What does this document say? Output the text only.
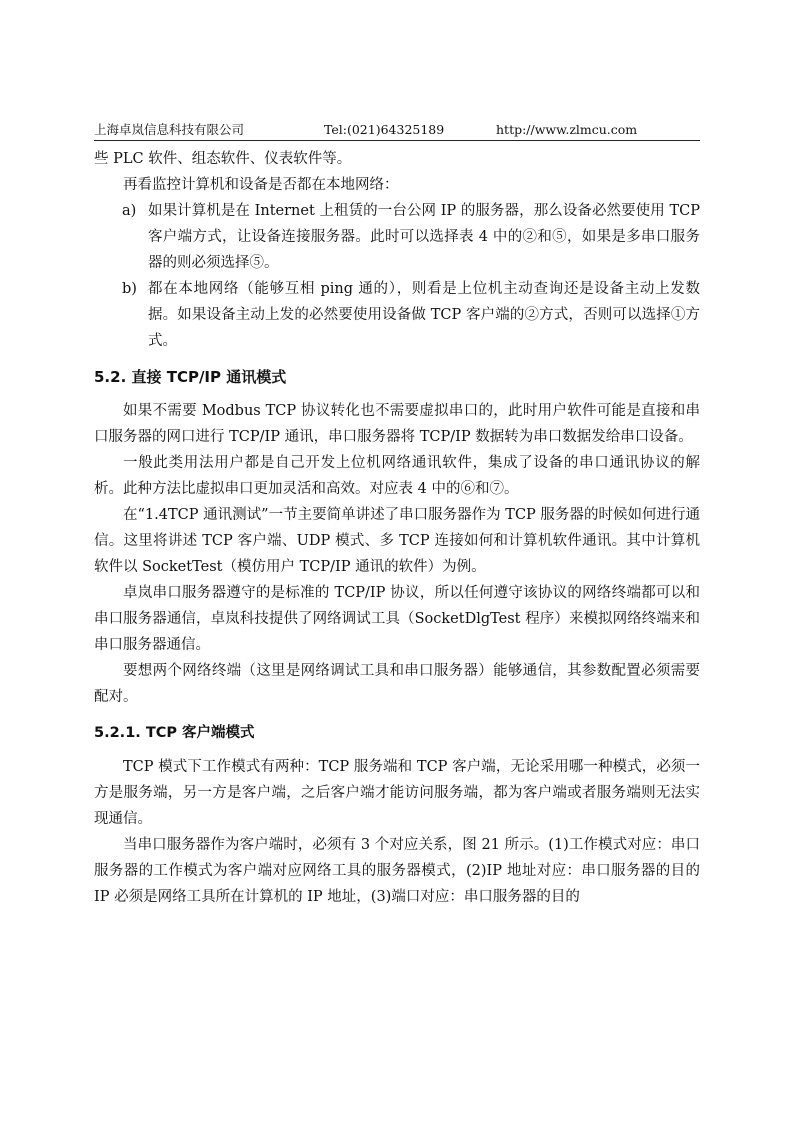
上海卓岚信息科技有限公司	Tel:(021)64325189	http://www.zlmcu.com

些 PLC 软件、组态软件、仪表软件等。

再看监控计算机和设备是否都在本地网络：

a) 如果计算机是在 Internet 上租赁的一台公网 IP 的服务器，那么设备必然要使用 TCP 客户端方式，让设备连接服务器。此时可以选择表 4 中的②和⑤，如果是多串口服务器的则必须选择⑤。
b) 都在本地网络（能够互相 ping 通的），则看是上位机主动查询还是设备主动上发数据。如果设备主动上发的必然要使用设备做 TCP 客户端的②方式，否则可以选择①方式。
5.2. 直接 TCP/IP 通讯模式

如果不需要 Modbus TCP 协议转化也不需要虚拟串口的，此时用户软件可能是直接和串口服务器的网口进行 TCP/IP 通讯，串口服务器将 TCP/IP 数据转为串口数据发给串口设备。

一般此类用法用户都是自己开发上位机网络通讯软件，集成了设备的串口通讯协议的解析。此种方法比虚拟串口更加灵活和高效。对应表 4 中的⑥和⑦。

在“1.4TCP 通讯测试”一节主要简单讲述了串口服务器作为 TCP 服务器的时候如何进行通信。这里将讲述 TCP 客户端、UDP 模式、多 TCP 连接如何和计算机软件通讯。其中计算机软件以 SocketTest（模仿用户 TCP/IP 通讯的软件）为例。

卓岚串口服务器遵守的是标准的 TCP/IP 协议，所以任何遵守该协议的网络终端都可以和串口服务器通信，卓岚科技提供了网络调试工具（SocketDlgTest 程序）来模拟网络终端来和串口服务器通信。

要想两个网络终端（这里是网络调试工具和串口服务器）能够通信，其参数配置必须需要配对。

5.2.1. TCP 客户端模式

TCP 模式下工作模式有两种：TCP 服务端和 TCP 客户端，无论采用哪一种模式，必须一方是服务端，另一方是客户端，之后客户端才能访问服务端，都为客户端或者服务端则无法实现通信。

当串口服务器作为客户端时，必须有 3 个对应关系，图 21 所示。(1)工作模式对应：串口服务器的工作模式为客户端对应网络工具的服务器模式，(2)IP 地址对应：串口服务器的目的 IP 必须是网络工具所在计算机的 IP 地址，(3)端口对应：串口服务器的目的
